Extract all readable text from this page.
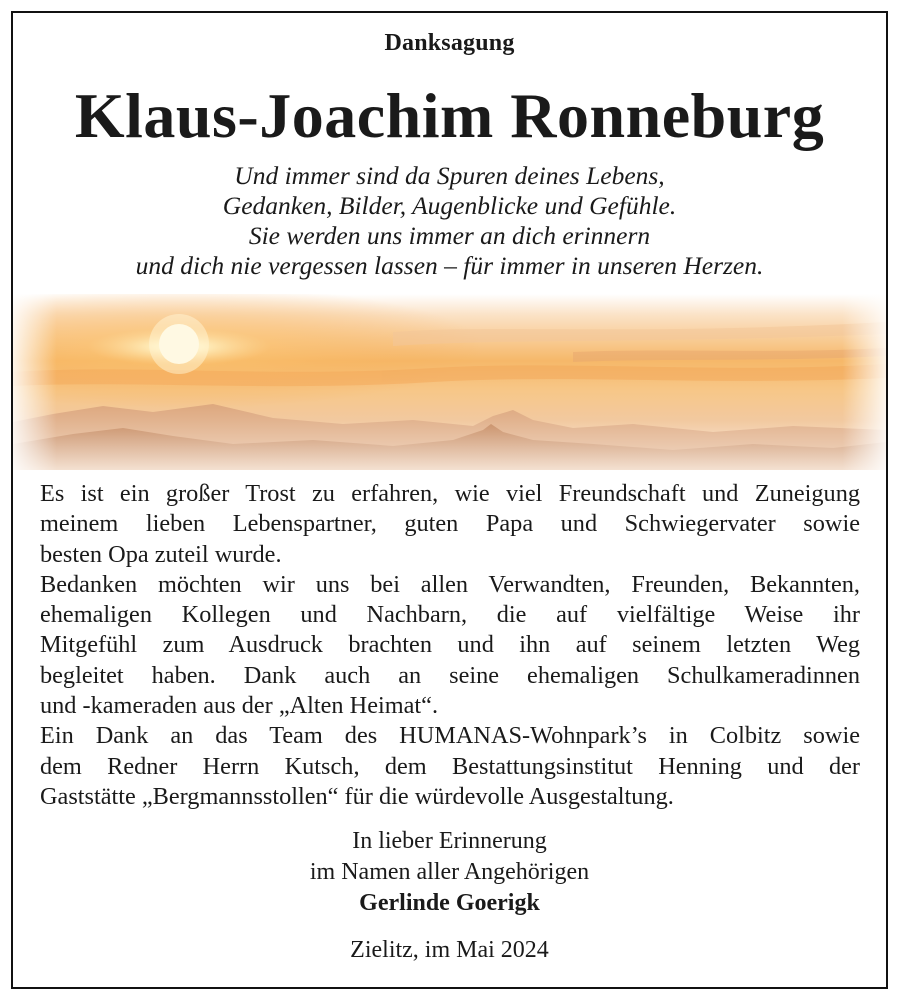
Danksagung
Klaus-Joachim Ronneburg
Und immer sind da Spuren deines Lebens,
Gedanken, Bilder, Augenblicke und Gefühle.
Sie werden uns immer an dich erinnern
und dich nie vergessen lassen – für immer in unseren Herzen.
Es ist ein großer Trost zu erfahren, wie viel Freundschaft und Zuneigung
meinem lieben Lebenspartner, guten Papa und Schwiegervater sowie
besten Opa zuteil wurde.
Bedanken möchten wir uns bei allen Verwandten, Freunden, Bekannten,
ehemaligen Kollegen und Nachbarn, die auf vielfältige Weise ihr
Mitgefühl zum Ausdruck brachten und ihn auf seinem letzten Weg
begleitet haben. Dank auch an seine ehemaligen Schulkameradinnen
und -kameraden aus der „Alten Heimat“.
Ein Dank an das Team des HUMANAS-Wohnpark’s in Colbitz sowie
dem Redner Herrn Kutsch, dem Bestattungsinstitut Henning und der
Gaststätte „Bergmannsstollen“ für die würdevolle Ausgestaltung.
In lieber Erinnerung
im Namen aller Angehörigen
Gerlinde Goerigk
Zielitz, im Mai 2024
